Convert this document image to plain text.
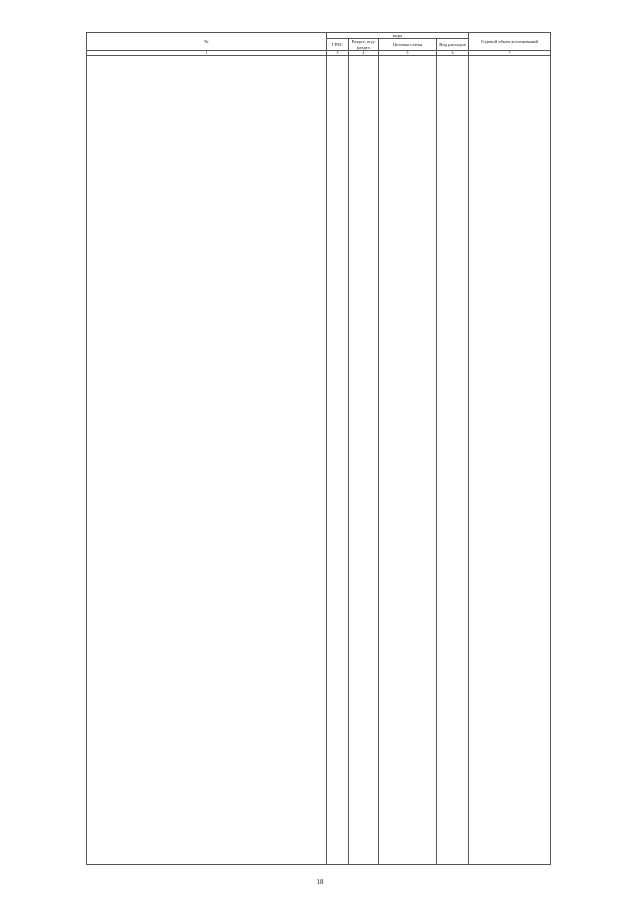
№	коды				Годовой объем ассигнований
	ГРБС	Раздел, под- раздел	Целевая статья	Вид расходов	
1	3	4	5	6	7

18
